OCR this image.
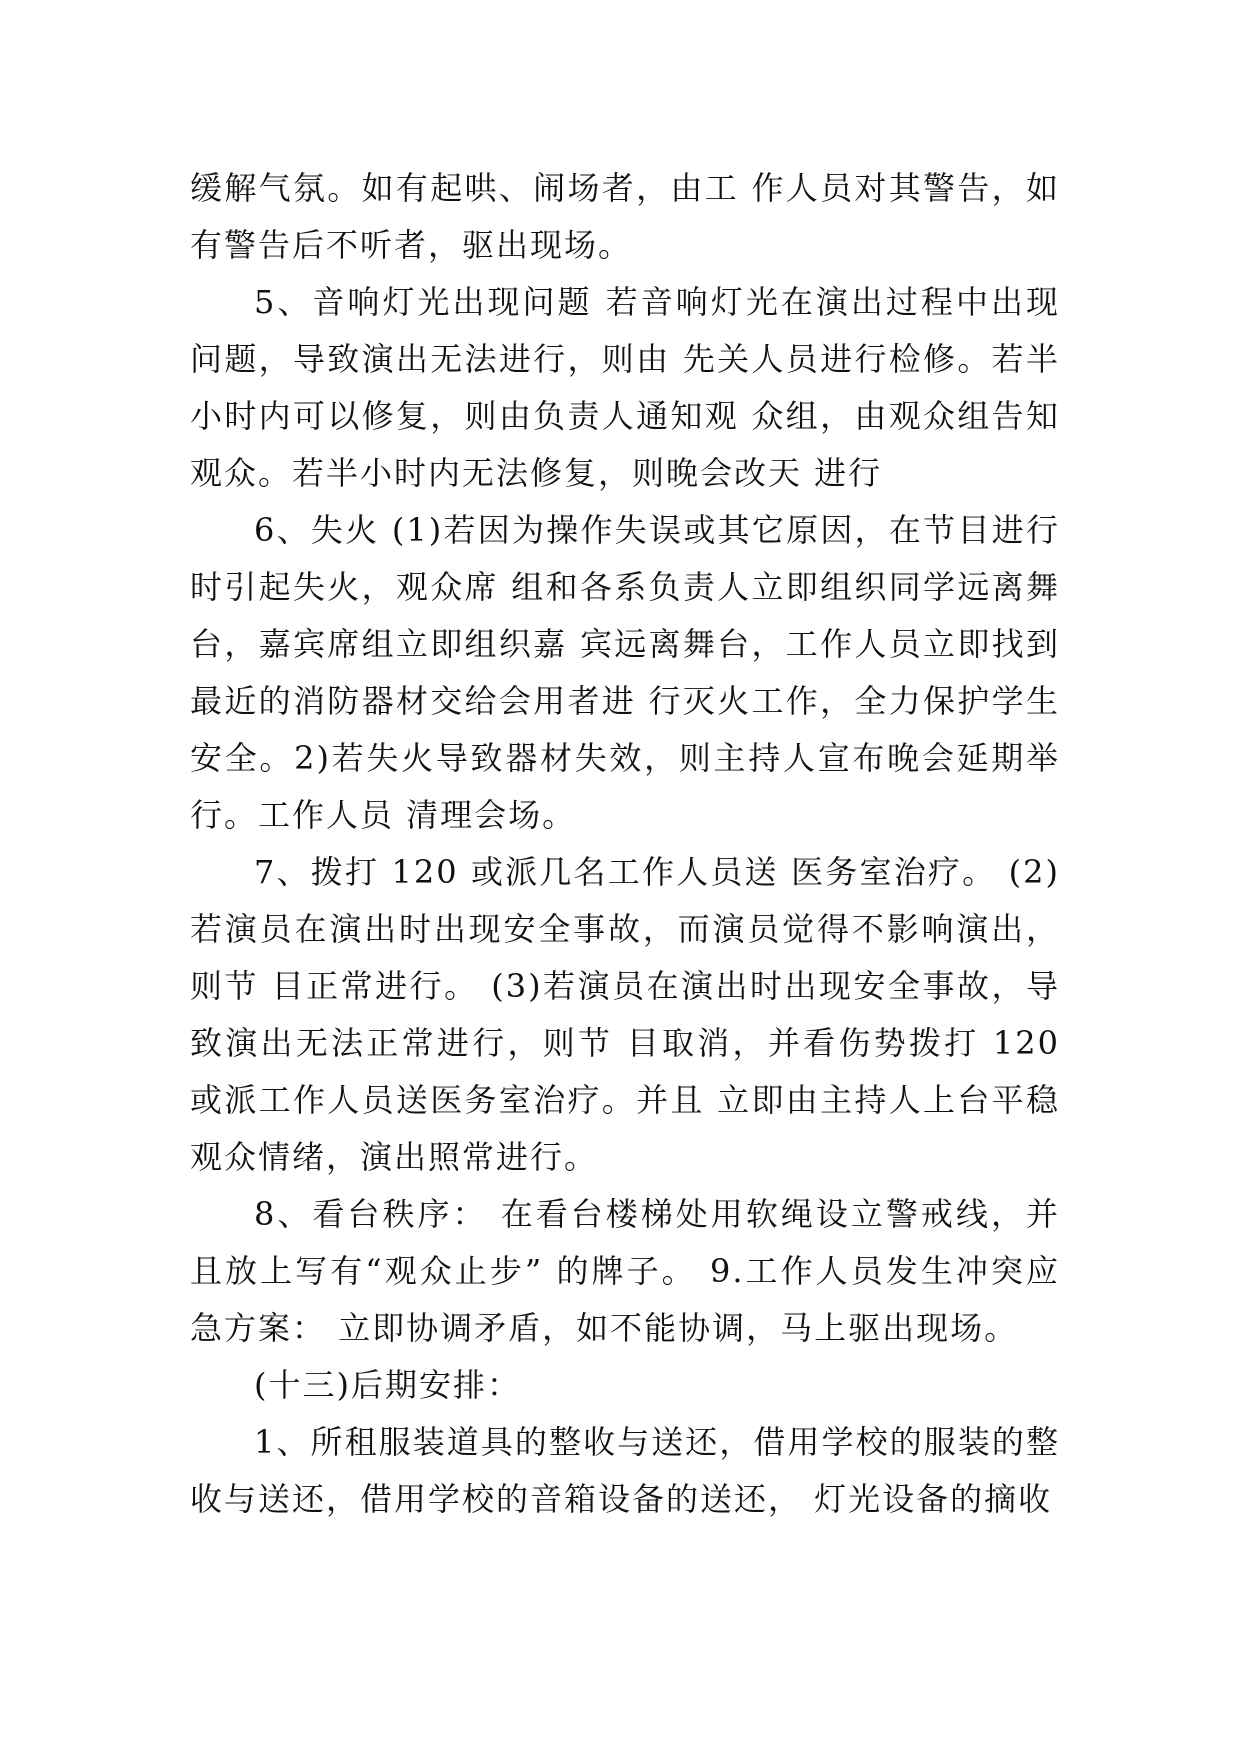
缓解气氛。如有起哄、闹场者，由工 作人员对其警告，如有警告后不听者，驱出现场。

5、音响灯光出现问题 若音响灯光在演出过程中出现问题，导致演出无法进行，则由 先关人员进行检修。若半小时内可以修复，则由负责人通知观 众组，由观众组告知观众。若半小时内无法修复，则晚会改天 进行

6、失火 (1)若因为操作失误或其它原因，在节目进行时引起失火，观众席 组和各系负责人立即组织同学远离舞台，嘉宾席组立即组织嘉 宾远离舞台，工作人员立即找到最近的消防器材交给会用者进 行灭火工作，全力保护学生安全。2)若失火导致器材失效，则主持人宣布晚会延期举行。工作人员 清理会场。

7、拨打 120 或派几名工作人员送 医务室治疗。 (2)若演员在演出时出现安全事故，而演员觉得不影响演出，则节 目正常进行。 (3)若演员在演出时出现安全事故，导致演出无法正常进行，则节 目取消，并看伤势拨打 120 或派工作人员送医务室治疗。并且 立即由主持人上台平稳观众情绪，演出照常进行。

8、看台秩序： 在看台楼梯处用软绳设立警戒线，并且放上写有“观众止步” 的牌子。 9.工作人员发生冲突应急方案： 立即协调矛盾，如不能协调，马上驱出现场。

(十三)后期安排：

1、所租服装道具的整收与送还，借用学校的服装的整收与送还，借用学校的音箱设备的送还， 灯光设备的摘收
